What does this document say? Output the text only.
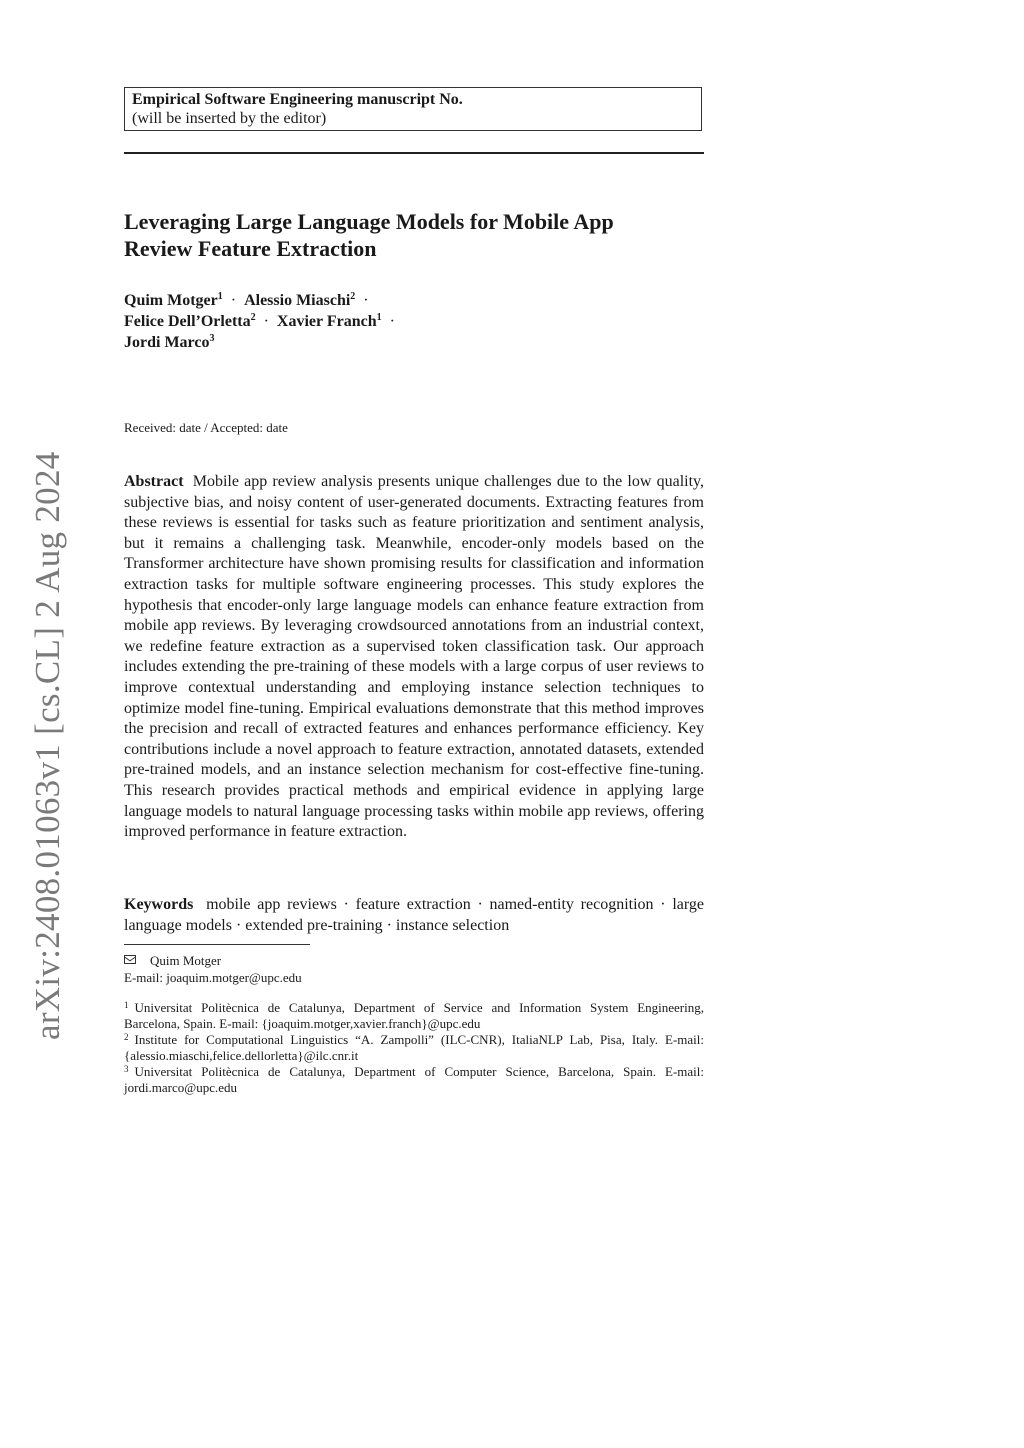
arXiv:2408.01063v1 [cs.CL] 2 Aug 2024
Empirical Software Engineering manuscript No.
(will be inserted by the editor)
Leveraging Large Language Models for Mobile App
Review Feature Extraction
Quim Motger$^1$ · Alessio Miaschi$^2$ ·
Felice Dell’Orletta$^2$ · Xavier Franch$^1$ ·
Jordi Marco$^3$
Received: date / Accepted: date

Abstract Mobile app review analysis presents unique challenges due to the low quality, subjective bias, and noisy content of user-generated documents. Extracting features from these reviews is essential for tasks such as feature prioritization and sentiment analysis, but it remains a challenging task. Meanwhile, encoder-only models based on the Transformer architecture have shown promising results for classification and information extraction tasks for multiple software engineering processes. This study explores the hypothesis that encoder-only large language models can enhance feature extraction from mobile app reviews. By leveraging crowdsourced annotations from an industrial context, we redefine feature extraction as a supervised token classification task. Our approach includes extending the pre-training of these models with a large corpus of user reviews to improve contextual understanding and employing instance selection techniques to optimize model fine-tuning. Empirical evaluations demonstrate that this method improves the precision and recall of extracted features and enhances performance efficiency. Key contributions include a novel approach to feature extraction, annotated datasets, extended pre-trained models, and an instance selection mechanism for cost-effective fine-tuning. This research provides practical methods and empirical evidence in applying large language models to natural language processing tasks within mobile app reviews, offering improved performance in feature extraction.

Keywords mobile app reviews · feature extraction · named-entity recognition · large language models · extended pre-training · instance selection

Quim Motger
E-mail: joaquim.motger@upc.edu

$^1$ Universitat Politècnica de Catalunya, Department of Service and Information System Engineering, Barcelona, Spain. E-mail: {joaquim.motger,xavier.franch}@upc.edu

$^2$ Institute for Computational Linguistics “A. Zampolli” (ILC-CNR), ItaliaNLP Lab, Pisa, Italy. E-mail: {alessio.miaschi,felice.dellorletta}@ilc.cnr.it

$^3$ Universitat Politècnica de Catalunya, Department of Computer Science, Barcelona, Spain. E-mail: jordi.marco@upc.edu
